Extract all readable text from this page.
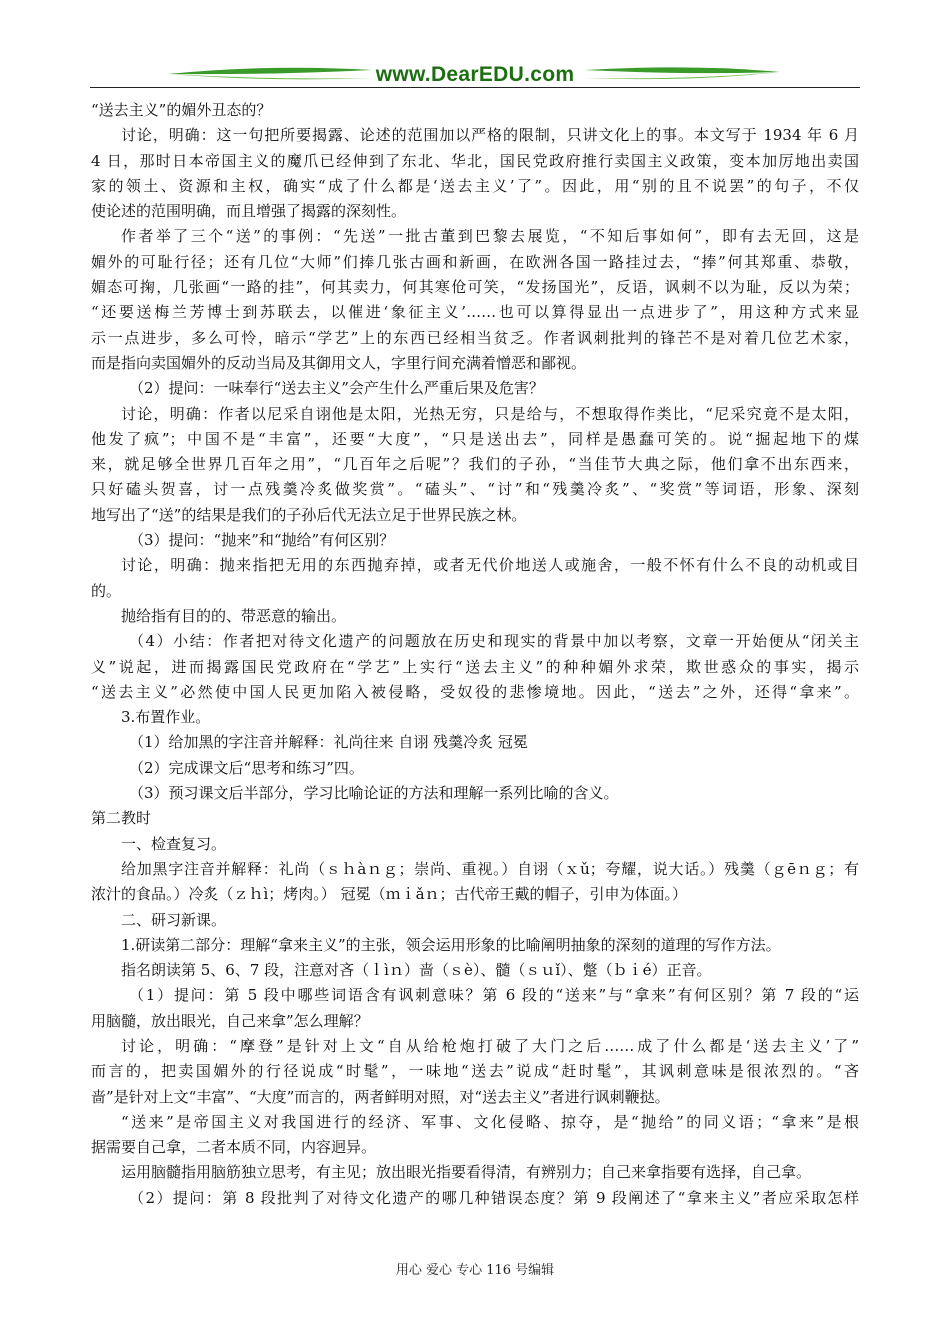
www.DearEDU.com
“送去主义”的媚外丑态的？
讨论，明确：这一句把所要揭露、论述的范围加以严格的限制，只讲文化上的事。本文写于 1934 年 6 月
4 日，那时日本帝国主义的魔爪已经伸到了东北、华北，国民党政府推行卖国主义政策，变本加厉地出卖国
家的领土、资源和主权，确实“成了什么都是‘送去主义’了”。因此，用“别的且不说罢”的句子，不仅
使论述的范围明确，而且增强了揭露的深刻性。
作者举了三个“送”的事例：“先送”一批古董到巴黎去展览，“不知后事如何”，即有去无回，这是
媚外的可耻行径；还有几位“大师”们捧几张古画和新画，在欧洲各国一路挂过去，“捧”何其郑重、恭敬，
媚态可掬，几张画“一路的挂”，何其卖力，何其寒伧可笑，“发扬国光”，反语，讽刺不以为耻，反以为荣；
“还要送梅兰芳博士到苏联去，以催进‘象征主义’……也可以算得显出一点进步了”，用这种方式来显
示一点进步，多么可怜，暗示“学艺”上的东西已经相当贫乏。作者讽刺批判的锋芒不是对着几位艺术家，
而是指向卖国媚外的反动当局及其御用文人，字里行间充满着憎恶和鄙视。
（2）提问：一味奉行“送去主义”会产生什么严重后果及危害？
讨论，明确：作者以尼采自诩他是太阳，光热无穷，只是给与，不想取得作类比，“尼采究竟不是太阳，
他发了疯”；中国不是“丰富”，还要“大度”，“只是送出去”，同样是愚蠢可笑的。说“掘起地下的煤
来，就足够全世界几百年之用”，“几百年之后呢”？我们的子孙，“当佳节大典之际，他们拿不出东西来，
只好磕头贺喜，讨一点残羹冷炙做奖赏”。“磕头”、“讨”和“残羹冷炙”、“奖赏”等词语，形象、深刻
地写出了“送”的结果是我们的子孙后代无法立足于世界民族之林。
（3）提问：“抛来”和“抛给”有何区别？
讨论，明确：抛来指把无用的东西抛弃掉，或者无代价地送人或施舍，一般不怀有什么不良的动机或目
的。
抛给指有目的的、带恶意的输出。
（4）小结：作者把对待文化遗产的问题放在历史和现实的背景中加以考察，文章一开始便从“闭关主
义”说起，进而揭露国民党政府在“学艺”上实行“送去主义”的种种媚外求荣，欺世惑众的事实，揭示
“送去主义”必然使中国人民更加陷入被侵略，受奴役的悲惨境地。因此，“送去”之外，还得“拿来”。
3.布置作业。
（1）给加黑的字注音并解释：礼尚往来 自诩 残羹冷炙 冠冕
（2）完成课文后“思考和练习”四。
（3）预习课文后半部分，学习比喻论证的方法和理解一系列比喻的含义。
第二教时
一、检查复习。
给加黑字注音并解释：礼尚（ｓｈàｎｇ；崇尚、重视。）自诩（ｘǔ；夸耀，说大话。）残羹（ｇēｎｇ；有
浓汁的食品。）冷炙（ｚｈì；烤肉。） 冠冕（ｍｉǎｎ；古代帝王戴的帽子，引申为体面。）
二、研习新课。
1.研读第二部分：理解“拿来主义”的主张，领会运用形象的比喻阐明抽象的深刻的道理的写作方法。
指名朗读第 5、6、7 段，注意对吝（ｌìｎ）啬（ｓè）、髓（ｓｕǐ）、蹩（ｂｉé）正音。
（1）提问：第 5 段中哪些词语含有讽刺意味？第 6 段的“送来”与“拿来”有何区别？第 7 段的“运
用脑髓，放出眼光，自己来拿”怎么理解？
讨论，明确：“摩登”是针对上文“自从给枪炮打破了大门之后……成了什么都是‘送去主义’了”
而言的，把卖国媚外的行径说成“时髦”，一味地“送去”说成“赶时髦”，其讽刺意味是很浓烈的。“吝
啬”是针对上文“丰富”、“大度”而言的，两者鲜明对照，对“送去主义”者进行讽刺鞭挞。
“送来”是帝国主义对我国进行的经济、军事、文化侵略、掠夺，是“抛给”的同义语；“拿来”是根
据需要自己拿，二者本质不同，内容迥异。
运用脑髓指用脑筋独立思考，有主见；放出眼光指要看得清，有辨别力；自己来拿指要有选择，自己拿。
（2）提问：第 8 段批判了对待文化遗产的哪几种错误态度？第 9 段阐述了“拿来主义”者应采取怎样
用心 爱心 专心 116 号编辑
